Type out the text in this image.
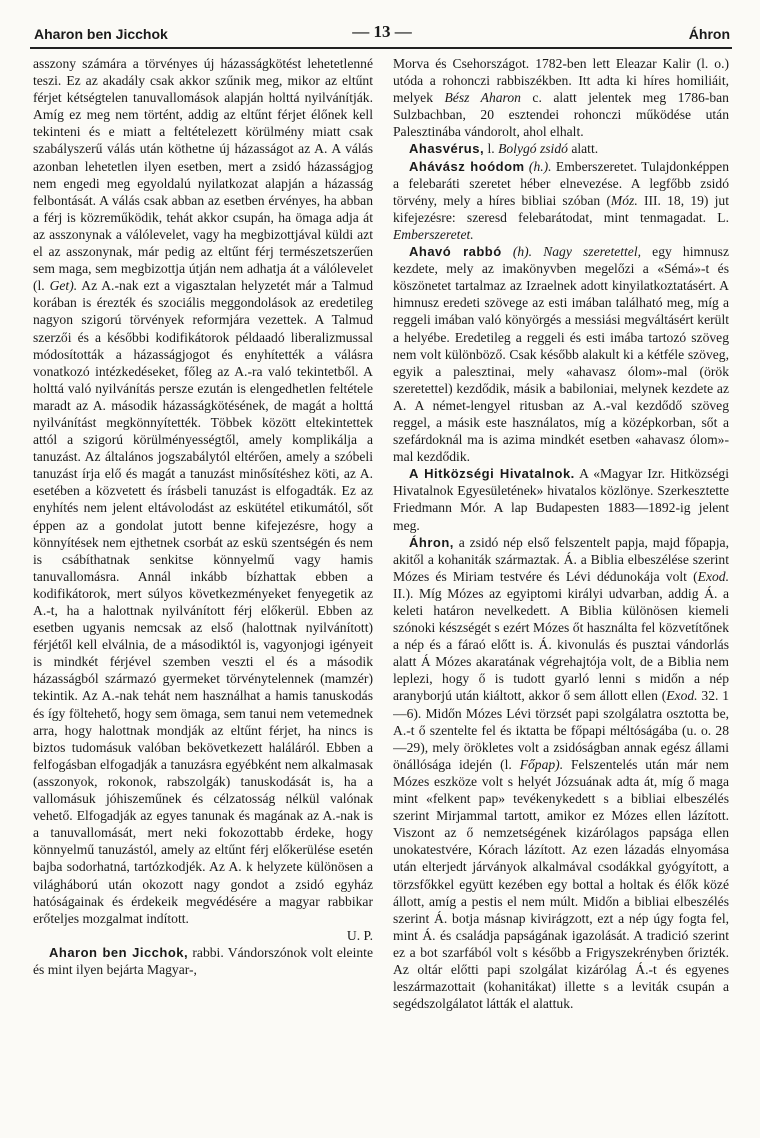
Aharon ben Jicchok	— 13 —	Áhron

asszony számára a törvényes új házasságkötést lehetetlenné teszi. Ez az akadály csak akkor szűnik meg, mikor az eltűnt férjet kétségtelen tanuvallomások alapján holttá nyilvánítják. Amíg ez meg nem történt, addig az eltűnt férjet élőnek kell tekinteni és e miatt a feltételezett körülmény miatt csak szabályszerű válás után köthetne új házasságot az A. A válás azonban lehetetlen ilyen esetben, mert a zsidó házasságjog nem engedi meg egyoldalú nyilatkozat alapján a házasság felbontását. A válás csak abban az esetben érvényes, ha abban a férj is közreműködik, tehát akkor csupán, ha ömaga adja át az asszonynak a válólevelet, vagy ha megbizottjával küldi azt el az asszonynak, már pedig az eltűnt férj természetszerűen sem maga, sem megbizottja útján nem adhatja át a válólevelet (l. Get). Az A.-nak ezt a vigasztalan helyzetét már a Talmud korában is érezték és szociális meggondolások az eredetileg nagyon szigorú törvények reformjára vezettek. A Talmud szerzői és a későbbi kodifikátorok példaadó liberalizmussal módosították a házasságjogot és enyhítették a válásra vonatkozó intézkedéseket, főleg az A.-ra való tekintetből. A holttá való nyilvánítás persze ezután is elengedhetlen feltétele maradt az A. második házasságkötésének, de magát a holttá nyilvánítást megkönnyítették. Többek között eltekintettek attól a szigorú körülményességtől, amely komplikálja a tanuzást. Az általános jogszabálytól eltérően, amely a szóbeli tanuzást írja elő és magát a tanuzást minősítéshez köti, az A. esetében a közvetett és írásbeli tanuzást is elfogadták. Ez az enyhítés nem jelent eltávolodást az eskütétel etikumától, sőt éppen az a gondolat jutott benne kifejezésre, hogy a könnyítések nem ejthetnek csorbát az eskü szentségén és nem is csábíthatnak senkitse könnyelmű vagy hamis tanuvallomásra. Annál inkább bízhattak ebben a kodifikátorok, mert súlyos következményeket fenyegetik az A.-t, ha a halottnak nyilvánított férj előkerül. Ebben az esetben ugyanis nemcsak az első (halottnak nyilvánított) férjétől kell elválnia, de a másodiktól is, vagyonjogi igényeit is mindkét férjével szemben veszti el és a második házasságból származó gyermeket törvénytelennek (mamzér) tekintik. Az A.-nak tehát nem használhat a hamis tanuskodás és így föltehető, hogy sem ömaga, sem tanui nem vetemednek arra, hogy halottnak mondják az eltűnt férjet, ha nincs is biztos tudomásuk valóban bekövetkezett haláláról. Ebben a felfogásban elfogadják a tanuzásra egyébként nem alkalmasak (asszonyok, rokonok, rabszolgák) tanuskodását is, ha a vallomásuk jóhiszeműnek és célzatosság nélkül valónak vehető. Elfogadják az egyes tanunak és magának az A.-nak is a tanuvallomását, mert neki fokozottabb érdeke, hogy könnyelmű tanuzástól, amely az eltűnt férj előkerülése esetén bajba sodorhatná, tartózkodjék. Az A. k helyzete különösen a világháború után okozott nagy gondot a zsidó egyház hatóságainak és érdekeik megvédésére a magyar rabbikar erőteljes mozgalmat indított.

U. P.

Aharon ben Jicchok, rabbi. Vándorszónok volt eleinte és mint ilyen bejárta Magyar-,

Morva és Csehországot. 1782-ben lett Eleazar Kalir (l. o.) utóda a rohonczi rabbiszékben. Itt adta ki híres homiliáit, melyek Bész Aharon c. alatt jelentek meg 1786-ban Sulzbachban, 20 esztendei rohonczi működése után Palesztinába vándorolt, ahol elhalt.

Ahasvérus, l. Bolygó zsidó alatt.

Ahávász hoódom (h.). Emberszeretet. Tulajdonképpen a felebaráti szeretet héber elnevezése. A legfőbb zsidó törvény, mely a híres bibliai szóban (Móz. III. 18, 19) jut kifejezésre: szeresd felebarátodat, mint tenmagadat. L. Emberszeretet.

Ahavó rabbó (h). Nagy szeretettel, egy himnusz kezdete, mely az imakönyvben megelőzi a «Sémá»-t és köszönetet tartalmaz az Izraelnek adott kinyilatkoztatásért. A himnusz eredeti szövege az esti imában található meg, míg a reggeli imában való könyörgés a messiási megváltásért került a helyébe. Eredetileg a reggeli és esti imába tartozó szöveg nem volt különböző. Csak később alakult ki a kétféle szöveg, egyik a palesztinai, mely «ahavasz ólom»-mal (örök szeretettel) kezdődik, másik a babiloniai, melynek kezdete az A. A német-lengyel ritusban az A.-val kezdődő szöveg reggel, a másik este használatos, míg a középkorban, sőt a szefárdoknál ma is azima mindkét esetben «ahavasz ólom»-mal kezdődik.

A Hitközségi Hivatalnok. A «Magyar Izr. Hitközségi Hivatalnok Egyesületének» hivatalos közlönye. Szerkesztette Friedmann Mór. A lap Budapesten 1883—1892-ig jelent meg.

Áhron, a zsidó nép első felszentelt papja, majd főpapja, akitől a kohaniták származtak. Á. a Biblia elbeszélése szerint Mózes és Miriam testvére és Lévi dédunokája volt (Exod. II.). Míg Mózes az egyiptomi királyi udvarban, addig Á. a keleti határon nevelkedett. A Biblia különösen kiemeli szónoki készségét s ezért Mózes őt használta fel közvetítőnek a nép és a fáraó előtt is. Á. kivonulás és pusztai vándorlás alatt Á Mózes akaratának végrehajtója volt, de a Biblia nem leplezi, hogy ő is tudott gyarló lenni s midőn a nép aranyborjú után kiáltott, akkor ő sem állott ellen (Exod. 32. 1—6). Midőn Mózes Lévi törzsét papi szolgálatra osztotta be, A.-t ő szentelte fel és iktatta be főpapi méltóságába (u. o. 28—29), mely örökletes volt a zsidóságban annak egész állami önállósága idején (l. Főpap). Felszentelés után már nem Mózes eszköze volt s helyét Józsuának adta át, míg ő maga mint «felkent pap» tevékenykedett s a bibliai elbeszélés szerint Mirjammal tartott, amikor ez Mózes ellen lázított. Viszont az ő nemzetségének kizárólagos papsága ellen unokatestvére, Kórach lázított. Az ezen lázadás elnyomása után elterjedt járványok alkalmával csodákkal gyógyított, a törzsfőkkel együtt kezében egy bottal a holtak és élők közé állott, amíg a pestis el nem múlt. Midőn a bibliai elbeszélés szerint Á. botja másnap kivirágzott, ezt a nép úgy fogta fel, mint Á. és családja papságának igazolását. A tradició szerint ez a bot szarfából volt s később a Frigyszekrényben őrizték. Az oltár előtti papi szolgálat kizárólag Á.-t és egyenes leszármazottait (kohanitákat) illette s a leviták csupán a segédszolgálatot látták el alattuk.
